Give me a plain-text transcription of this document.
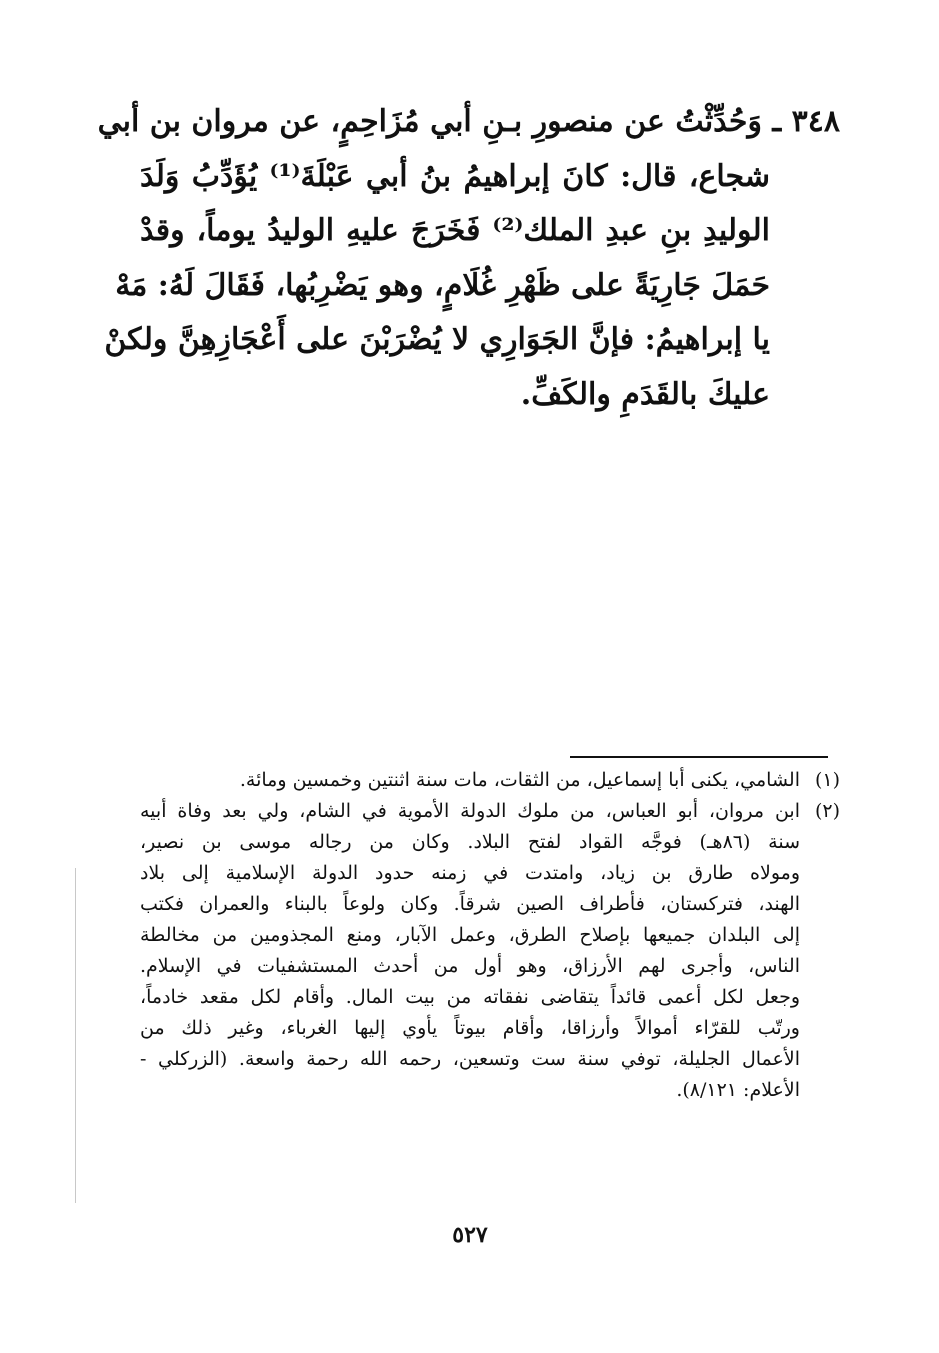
٣٤٨ ـ وَحُدِّثْتُ عن منصورِ بـنِ أبي مُزَاحِمٍ، عن مروان بن أبي
شجاع، قال: كانَ إبراهيمُ بنُ أبي عَبْلَةَ⁽¹⁾ يُؤَدِّبُ وَلَدَ
الوليدِ بنِ عبدِ الملك⁽²⁾ فَخَرَجَ عليهِ الوليدُ يوماً، وقدْ
حَمَلَ جَارِيَةً على ظَهْرِ غُلَامٍ، وهو يَضْرِبُها، فَقَالَ لَهُ: مَهْ
يا إبراهيمُ: فإنَّ الجَوَارِي لا يُضْرَبْنَ على أَعْجَازِهِنَّ ولكنْ
عليكَ بالقَدَمِ والكَفِّ.
(١)
الشامي، يكنى أبا إسماعيل، من الثقات، مات سنة اثنتين وخمسين ومائة.
(٢)
ابن مروان، أبو العباس، من ملوك الدولة الأموية في الشام، ولي بعد وفاة أبيه
سنة (٨٦هـ) فوجَّه القواد لفتح البلاد. وكان من رجاله موسى بن نصير،
ومولاه طارق بن زياد، وامتدت في زمنه حدود الدولة الإسلامية إلى بلاد
الهند، فتركستان، فأطراف الصين شرقاً. وكان ولوعاً بالبناء والعمران فكتب
إلى البلدان جميعها بإصلاح الطرق، وعمل الآبار، ومنع المجذومين من مخالطة
الناس، وأجرى لهم الأرزاق، وهو أول من أحدث المستشفيات في الإسلام.
وجعل لكل أعمى قائداً يتقاضى نفقاته من بيت المال. وأقام لكل مقعد خادماً،
ورتّب للقرّاء أموالاً وأرزاقا، وأقام بيوتاً يأوي إليها الغرباء، وغير ذلك من
الأعمال الجليلة، توفي سنة ست وتسعين، رحمه الله رحمة واسعة. (الزركلي -
الأعلام: ٨/١٢١).
٥٢٧
